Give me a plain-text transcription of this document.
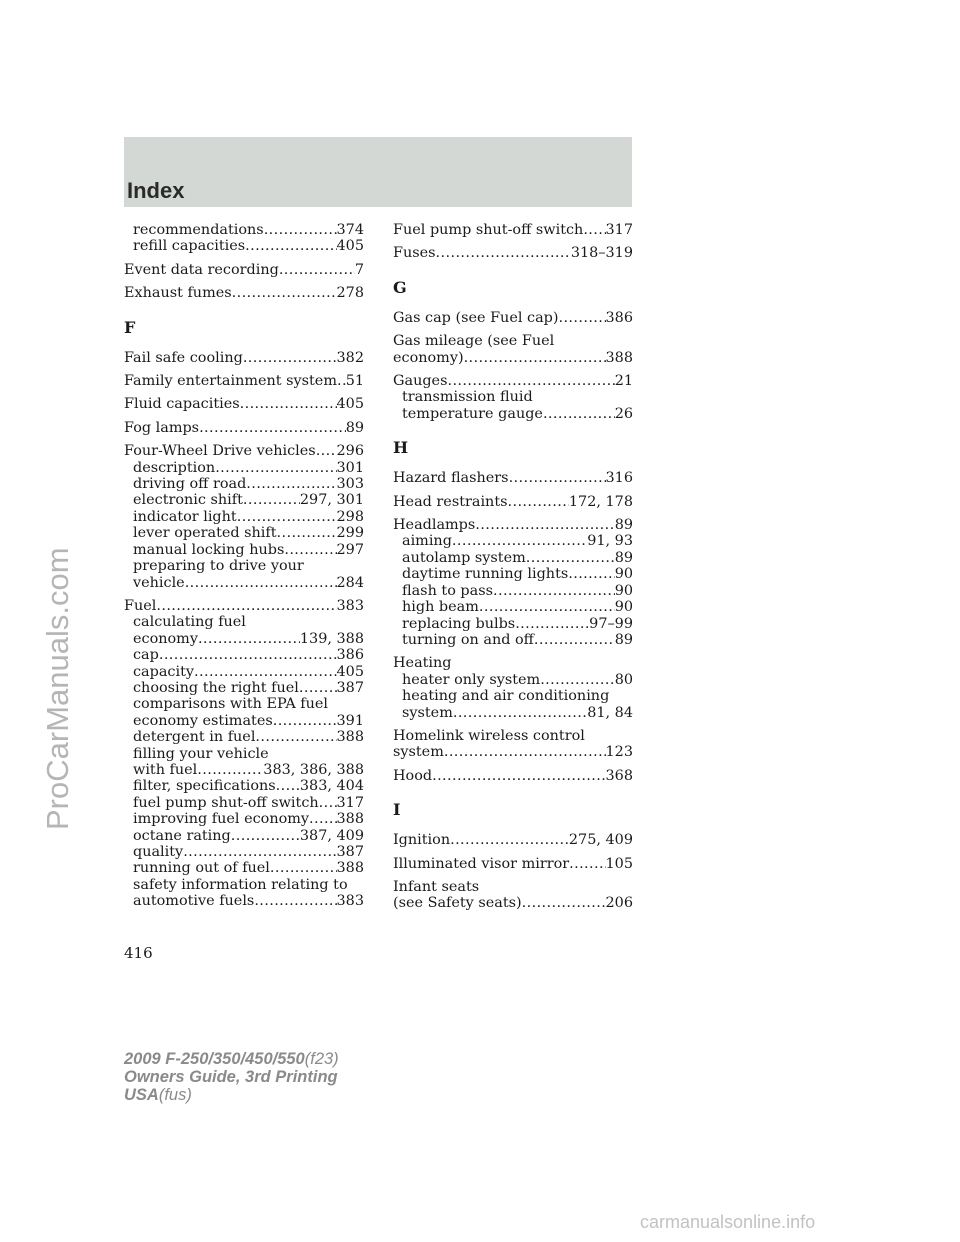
Index
recommendations .....	374
refill capacities .....	405
Event data recording .....	7
Exhaust fumes .....	278
F
Fail safe cooling .....	382
Family entertainment system ..... 51
Fluid capacities .....	405
Fog lamps .....	89
Four-Wheel Drive vehicles ..... 296
description .....	301
driving off road .....	303
electronic shift .....	297, 301
indicator light .....	298
lever operated shift .....	299
manual locking hubs .....	297
preparing to drive your
vehicle .....	284
Fuel .....	383
calculating fuel
economy .....	139, 388
cap .....	386
capacity .....	405
choosing the right fuel .....	387
comparisons with EPA fuel
economy estimates .....	391
detergent in fuel .....	388
filling your vehicle
with fuel .....	383, 386, 388
filter, specifications ..... 383, 404
fuel pump shut-off switch ..... 317
improving fuel economy ..... 388
octane rating .....	387, 409
quality .....	387
running out of fuel .....	388
safety information relating to
automotive fuels .....	383
Fuel pump shut-off switch ..... 317
Fuses .....	318–319
G
Gas cap (see Fuel cap) .....	386
Gas mileage (see Fuel
economy) .....	388
Gauges .....	21
transmission fluid
temperature gauge .....	26
H
Hazard flashers .....	316
Head restraints .....	172, 178
Headlamps .....	89
aiming .....	91, 93
autolamp system .....	89
daytime running lights .....	90
flash to pass .....	90
high beam .....	90
replacing bulbs .....	97–99
turning on and off .....	89
Heating
heater only system .....	80
heating and air conditioning
system .....	81, 84
Homelink wireless control
system .....	123
Hood .....	368
I
Ignition .....	275, 409
Illuminated visor mirror .....	105
Infant seats
(see Safety seats) .....	206
416
2009 F-250/350/450/550(f23)
Owners Guide, 3rd Printing
USA(fus)
ProCarManuals.com
carmanualsonline.info
